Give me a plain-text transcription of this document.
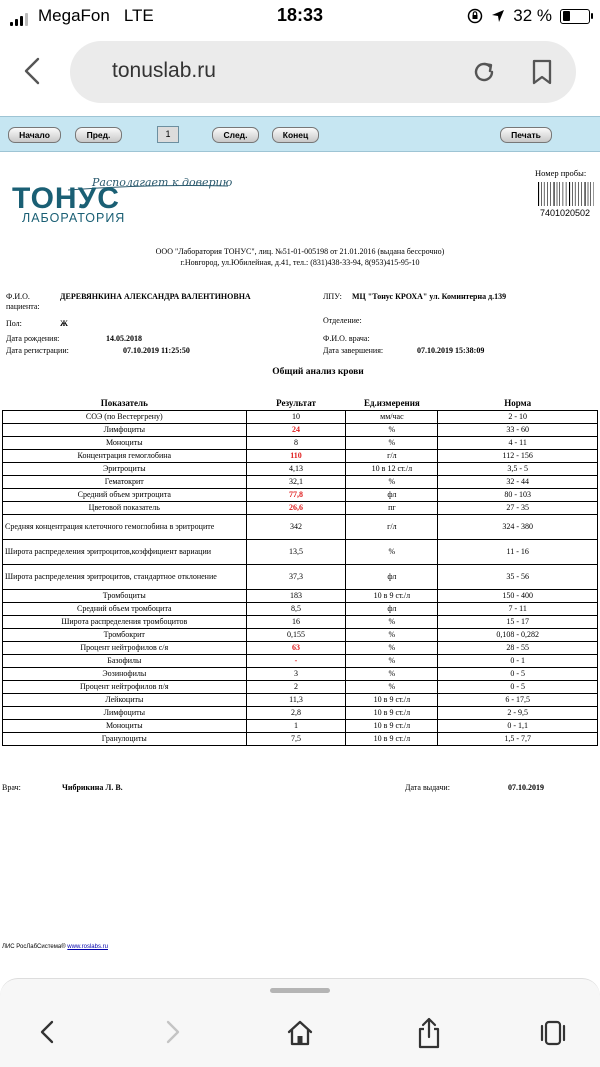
MegaFon LTE	18:33	32 %
tonuslab.ru
Начало	Пред.	1	След.	Конец	Печать
Располагает к доверию
ТОНУС
ЛАБОРАТОРИЯ
Номер пробы:
7401020502
ООО "Лаборатория ТОНУС", лиц. №51-01-005198 от 21.01.2016 (выдана бессрочно)
г.Новгород, ул.Юбилейная, д.41, тел.: (831)438-33-94, 8(953)415-95-10
Ф.И.О. пациента:
ДЕРЕВЯНКИНА АЛЕКСАНДРА ВАЛЕНТИНОВНА	ЛПУ: МЦ "Тонус КРОХА" ул. Коминтерна д.139
Пол:	Ж	Отделение:
Дата рождения:	14.05.2018	Ф.И.О. врача:
Дата регистрации:	07.10.2019 11:25:50	Дата завершения:	07.10.2019 15:38:09
Общий анализ крови
Показатель	Результат	Ед.измерения	Норма
СОЭ (по Вестергрену)	10	мм/час	2 - 10
Лимфоциты	24	%	33 - 60
Моноциты	8	%	4 - 11
Концентрация гемоглобина	110	г/л	112 - 156
Эритроциты	4,13	10 в 12 ст./л	3,5 - 5
Гематокрит	32,1	%	32 - 44
Средний объем эритроцита	77,8	фл	80 - 103
Цветовой показатель	26,6	пг	27 - 35
Средняя концентрация клеточного гемоглобина в эритроците	342	г/л	324 - 380
Широта распределения эритроцитов,коэффициент вариации	13,5	%	11 - 16
Широта распределения эритроцитов, стандартное отклонение	37,3	фл	35 - 56
Тромбоциты	183	10 в 9 ст./л	150 - 400
Средний объем тромбоцита	8,5	фл	7 - 11
Широта распределения тромбоцитов	16	%	15 - 17
Тромбокрит	0,155	%	0,108 - 0,282
Процент нейтрофилов с/я	63	%	28 - 55
Базофилы	-	%	0 - 1
Эозинофилы	3	%	0 - 5
Процент нейтрофилов п/я	2	%	0 - 5
Лейкоциты	11,3	10 в 9 ст./л	6 - 17,5
Лимфоциты	2,8	10 в 9 ст./л	2 - 9,5
Моноциты	1	10 в 9 ст./л	0 - 1,1
Гранулоциты	7,5	10 в 9 ст./л	1,5 - 7,7
Врач:	Чибрикина Л. В.	Дата выдачи:	07.10.2019
ЛИС РосЛабСистема® www.roslabs.ru
